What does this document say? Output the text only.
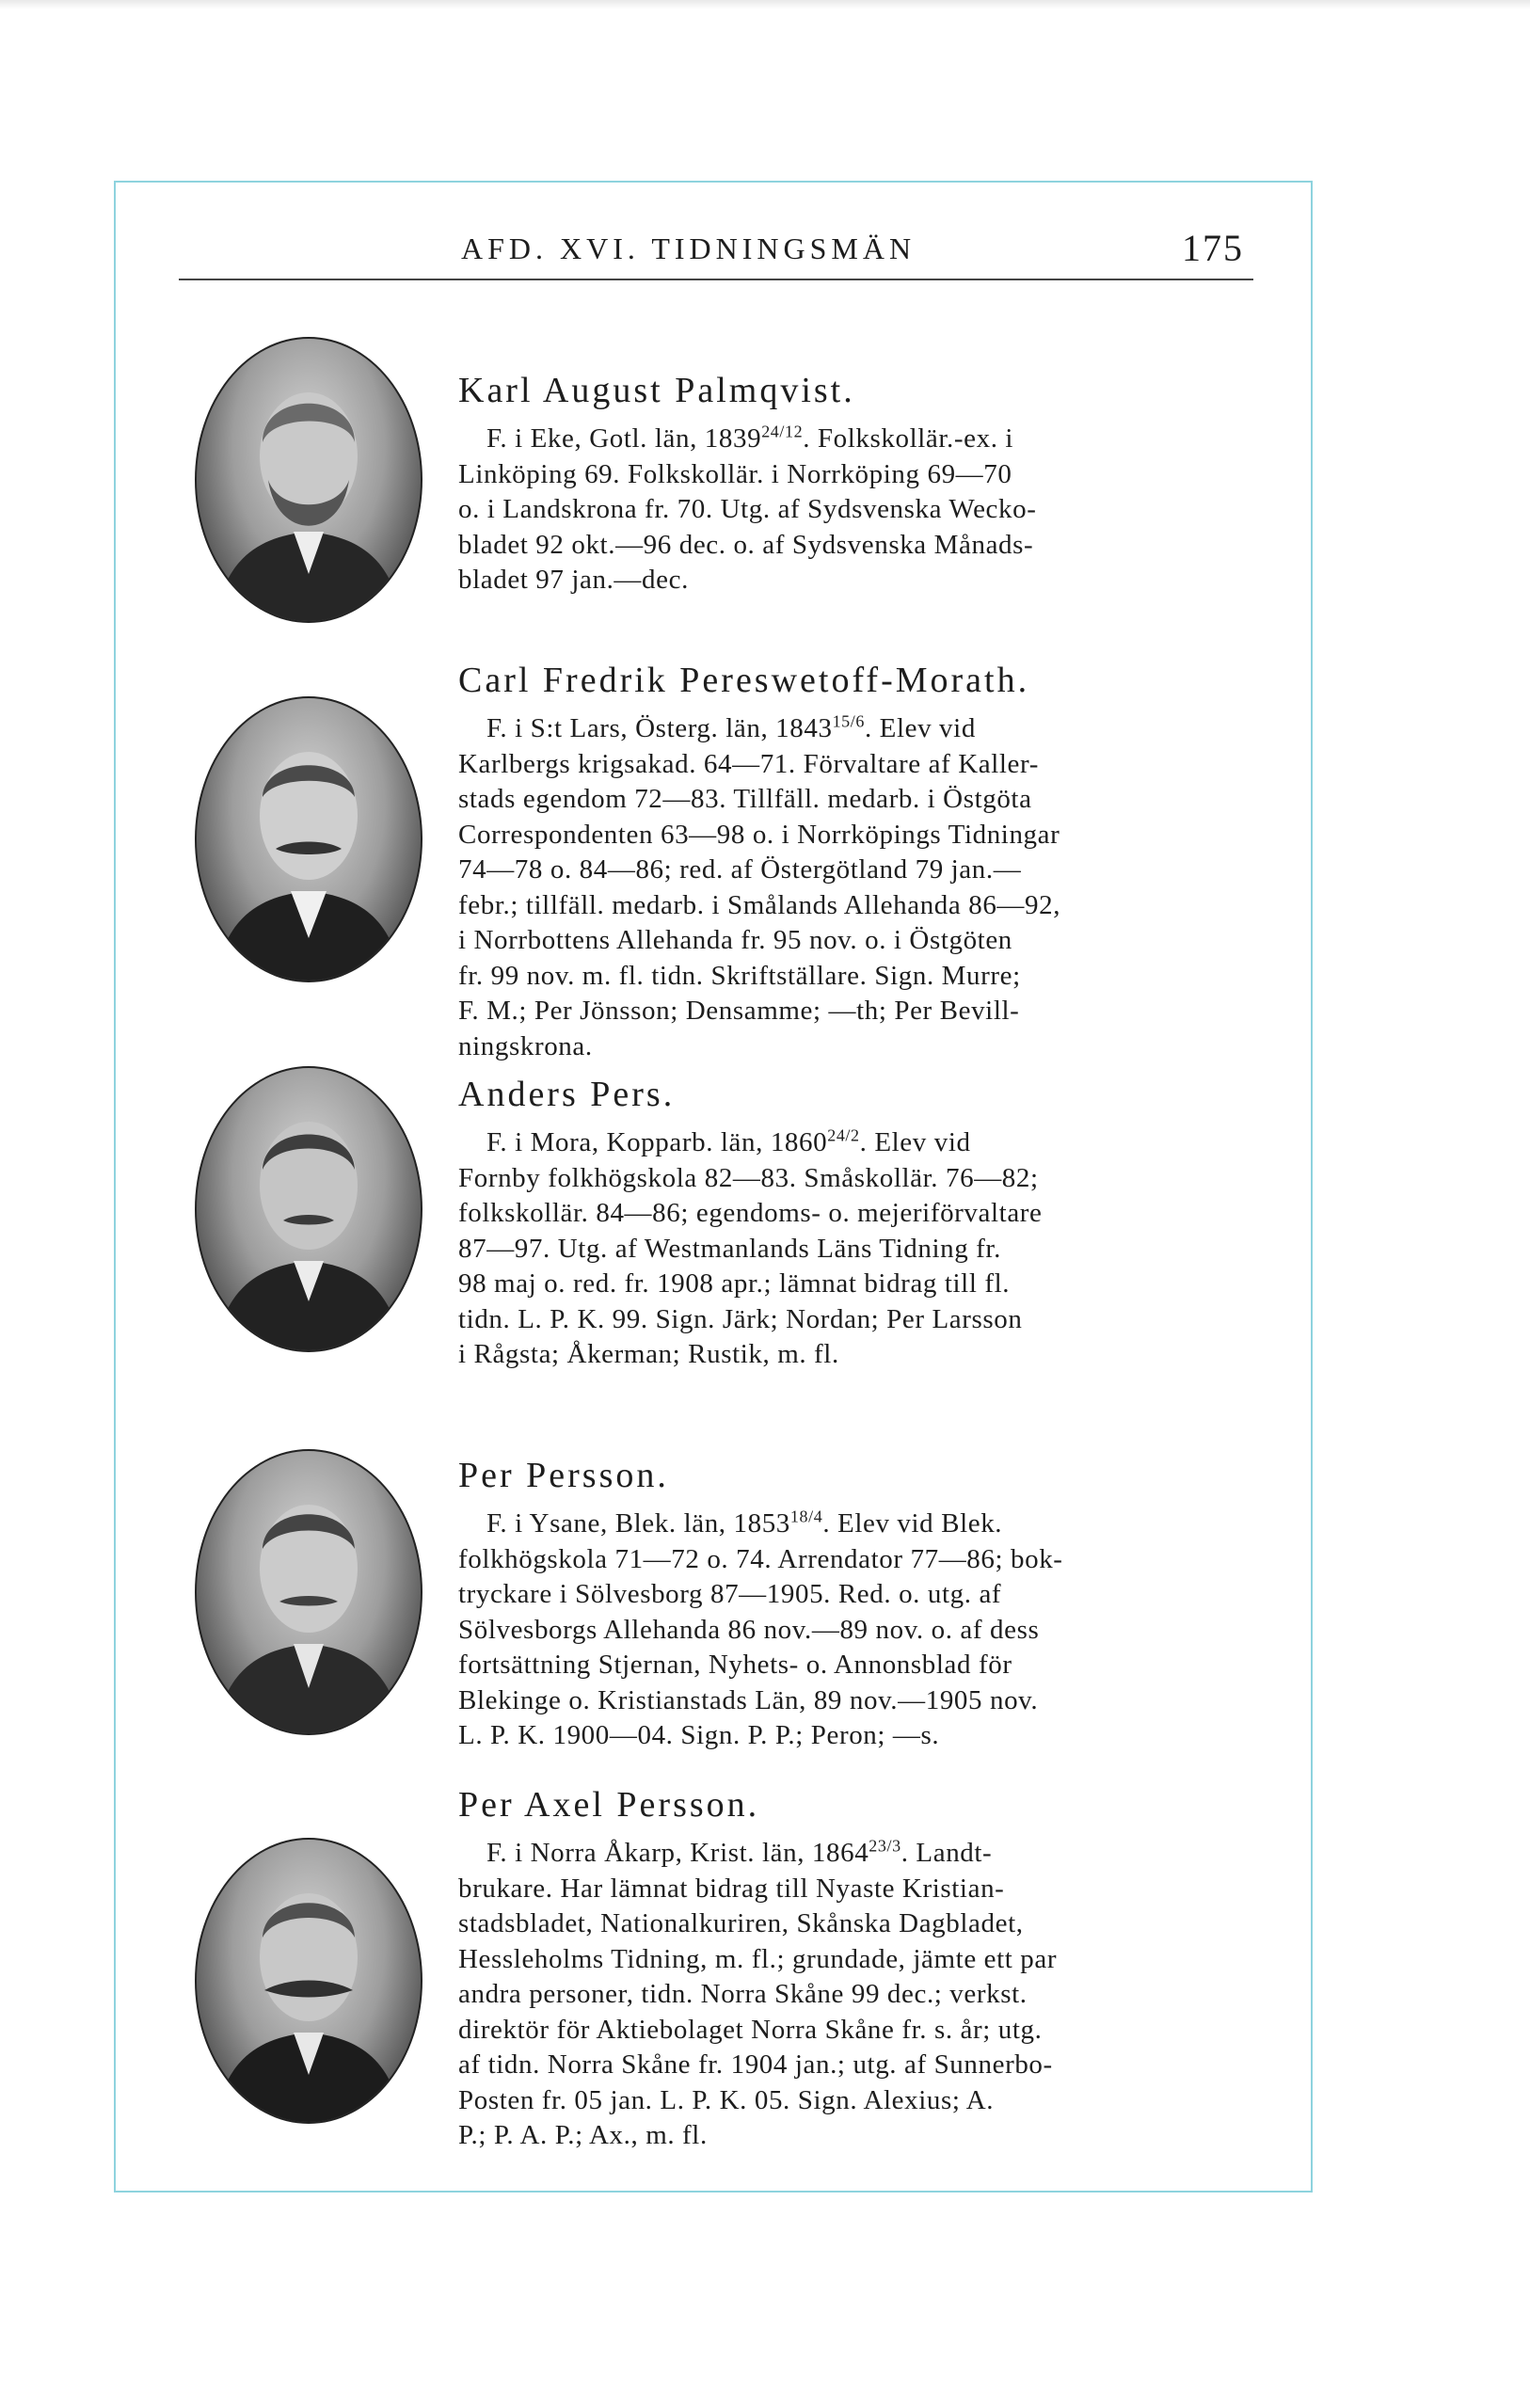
AFD. XVI. TIDNINGSMÄN	175
Karl August Palmqvist.
F. i Eke, Gotl. län, $1839^{24/12}$. Folkskollär.-ex. i
Linköping 69. Folkskollär. i Norrköping 69—70
o. i Landskrona fr. 70. Utg. af Sydsvenska Wecko-
bladet 92 okt.—96 dec. o. af Sydsvenska Månads-
bladet 97 jan.—dec.
Carl Fredrik Pereswetoff-Morath.
F. i S:t Lars, Österg. län, $1843^{15/6}$. Elev vid
Karlbergs krigsakad. 64—71. Förvaltare af Kaller-
stads egendom 72—83. Tillfäll. medarb. i Östgöta
Correspondenten 63—98 o. i Norrköpings Tidningar
74—78 o. 84—86; red. af Östergötland 79 jan.—
febr.; tillfäll. medarb. i Smålands Allehanda 86—92,
i Norrbottens Allehanda fr. 95 nov. o. i Östgöten
fr. 99 nov. m. fl. tidn. Skriftställare. Sign. Murre;
F. M.; Per Jönsson; Densamme; —th; Per Bevill-
ningskrona.
Anders Pers.
F. i Mora, Kopparb. län, $1860^{24/2}$. Elev vid
Fornby folkhögskola 82—83. Småskollär. 76—82;
folkskollär. 84—86; egendoms- o. mejeriförvaltare
87—97. Utg. af Westmanlands Läns Tidning fr.
98 maj o. red. fr. 1908 apr.; lämnat bidrag till fl.
tidn. L. P. K. 99. Sign. Järk; Nordan; Per Larsson
i Rågsta; Åkerman; Rustik, m. fl.
Per Persson.
F. i Ysane, Blek. län, $1853^{18/4}$. Elev vid Blek.
folkhögskola 71—72 o. 74. Arrendator 77—86; bok-
tryckare i Sölvesborg 87—1905. Red. o. utg. af
Sölvesborgs Allehanda 86 nov.—89 nov. o. af dess
fortsättning Stjernan, Nyhets- o. Annonsblad för
Blekinge o. Kristianstads Län, 89 nov.—1905 nov.
L. P. K. 1900—04. Sign. P. P.; Peron; —s.
Per Axel Persson.
F. i Norra Åkarp, Krist. län, $1864^{23/3}$. Landt-
brukare. Har lämnat bidrag till Nyaste Kristian-
stadsbladet, Nationalkuriren, Skånska Dagbladet,
Hessleholms Tidning, m. fl.; grundade, jämte ett par
andra personer, tidn. Norra Skåne 99 dec.; verkst.
direktör för Aktiebolaget Norra Skåne fr. s. år; utg.
af tidn. Norra Skåne fr. 1904 jan.; utg. af Sunnerbo-
Posten fr. 05 jan. L. P. K. 05. Sign. Alexius; A.
P.; P. A. P.; Ax., m. fl.
